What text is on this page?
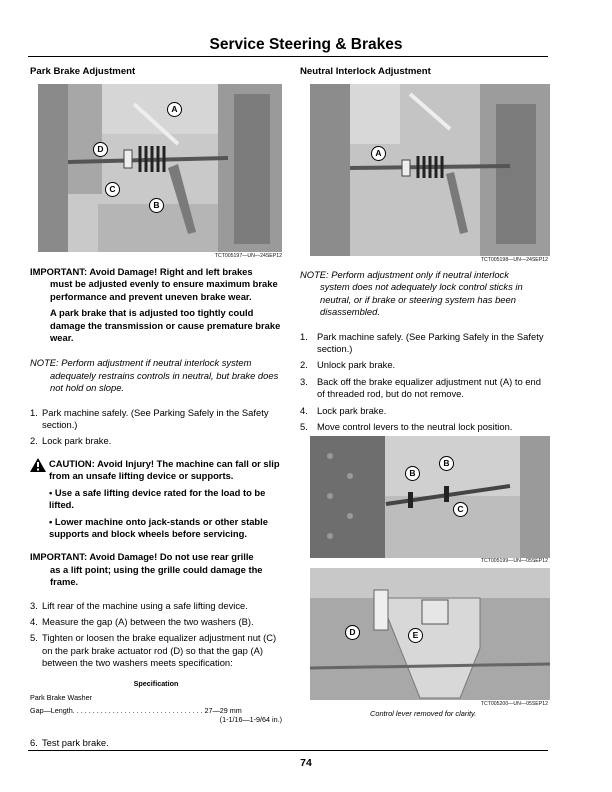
Service Steering & Brakes
Park Brake Adjustment
A
D
C
B
TCT005197—UN—24SEP12
IMPORTANT: Avoid Damage! Right and left brakes
must be adjusted evenly to ensure maximum brake performance and prevent uneven brake wear.
A park brake that is adjusted too tightly could damage the transmission or cause premature brake wear.
NOTE: Perform adjustment if neutral interlock system
adequately restrains controls in neutral, but brake does not hold on slope.
1. Park machine safely. (See Parking Safely in the Safety section.)
2. Lock park brake.
CAUTION: Avoid Injury! The machine can fall or slip from an unsafe lifting device or supports.
• Use a safe lifting device rated for the load to be lifted.
• Lower machine onto jack-stands or other stable supports and block wheels before servicing.
IMPORTANT: Avoid Damage! Do not use rear grille
as a lift point; using the grille could damage the frame.
3. Lift rear of the machine using a safe lifting device.
4. Measure the gap (A) between the two washers (B).
5. Tighten or loosen the brake equalizer adjustment nut (C) on the park brake actuator rod (D) so that the gap (A) between the two washers meets specification:
Specification
Park Brake Washer
Gap—Length. . . . . . . . . . . . . . . . . . . . . . . . . . . . . . . . . 27—29 mm
(1-1/16—1-9/64 in.)
6. Test park brake.
Neutral Interlock Adjustment
A
TCT005198—UN—24SEP12
NOTE: Perform adjustment only if neutral interlock
system does not adequately lock control sticks in neutral, or if brake or steering system has been disassembled.
1. Park machine safely. (See Parking Safely in the Safety section.)
2. Unlock park brake.
3. Back off the brake equalizer adjustment nut (A) to end of threaded rod, but do not remove.
4. Lock park brake.
5. Move control levers to the neutral lock position.
B
B
C
TCT005199—UN—05SEP12
D	E
TCT005200—UN—05SEP12
Control lever removed for clarity.
74
